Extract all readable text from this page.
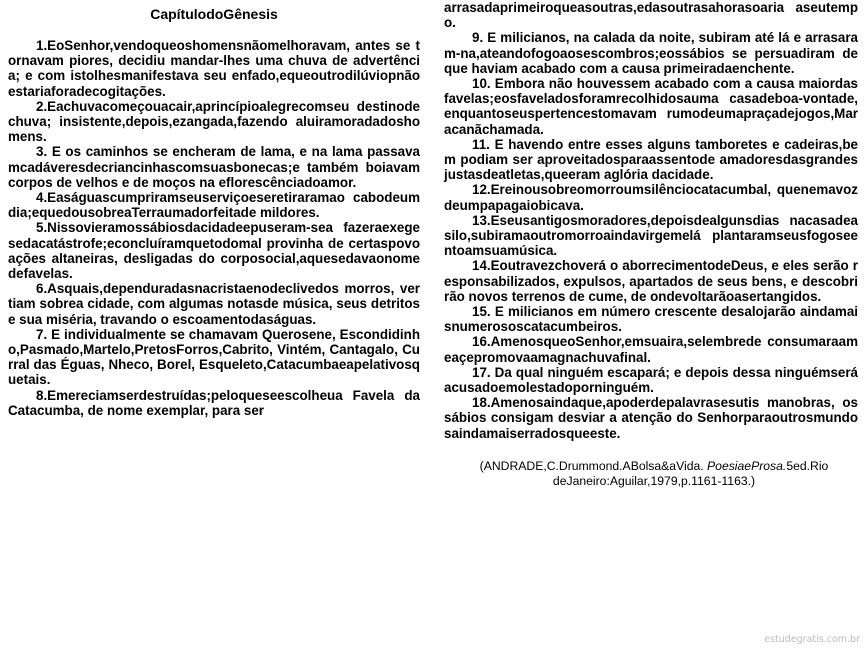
CapítulodoGênesis

1.EoSenhor,vendoqueoshomensnãomelhoravam, antes se tornavam piores, decidiu mandar-lhes uma chuva de advertência; e com istolhesmanifestava seu enfado,equeoutrodilúviopnãoestariaforadecogitações.

2.Eachuvacomeçouacair,aprincípioalegrecomseu destinodechuva; insistente,depois,ezangada,fazendo aluiramoradadoshomens.

3. E os caminhos se encheram de lama, e na lama passavamcadáveresdecriancinhascomsuasbonecas;e também boiavam corpos de velhos e de moços na eflorescênciadoamor.

4.Easáguascumpriramseuserviçoeseretiraramao cabodeumdia;equedousobreaTerraumadorfeitade mildores.

5.Nissovieramossábiosdacidadeepuseram-sea fazeraexegesedacatástrofe;econcluíramquetodomal provinha de certaspovoações altaneiras, desligadas do corposocial,aquesedavaonomedefavelas.

6.Asquais,dependuradasnacristaenodeclivedos morros, vertiam sobrea cidade, com algumas notasde música, seus detritos e sua miséria, travando o escoamentodaságuas.

7. E individualmente se chamavam Querosene, Escondidinho,Pasmado,Martelo,PretosForros,Cabrito, Vintém, Cantagalo, Curral das Éguas, Nheco, Borel, Esqueleto,Catacumbaeapelativosquetais.

8.Emereciamserdestruídas;peloqueseescolheua Favela da Catacumba, de nome exemplar, para ser

arrasadaprimeiroqueasoutras,edasoutrasahorasoaria aseutempo.

9. E milicianos, na calada da noite, subiram até lá e arrasaram-na,ateandofogoaosescombros;eossábios se persuadiram de que haviam acabado com a causa primeiradaenchente.

10. Embora não houvessem acabado com a causa maiordasfavelas;eosfaveladosforamrecolhidosauma casadeboa-vontade,enquantoseuspertencestomavam rumodeumapraçadejogos,Maracanãchamada.

11. E havendo entre esses alguns tamboretes e cadeiras,bem podiam ser aproveitadosparaassentode amadoresdasgrandesjustasdeatletas,queeram aglória dacidade.

12.Ereinousobreomorroumsilênciocatacumbal, quenemavozdeumpapagaiobicava.

13.Eseusantigosmoradores,depoisdealgunsdias nacasadeasilo,subiramaoutromorroaindavirgemelá plantaramseusfogoseentoamsuamúsica.

14.Eoutravezchoverá o aborrecimentodeDeus, e eles serão responsabilizados, expulsos, apartados de seus bens, e descobrirão novos terrenos de cume, de ondevoltarãoasertangidos.

15. E milicianos em número crescente desalojarão aindamaisnumerososcatacumbeiros.

16.AmenosqueoSenhor,emsuaira,selembrede consumaraameaçepromovaamagnachuvafinal.

17. Da qual ninguém escapará; e depois dessa ninguémseráacusadoemolestadoporninguém.

18.Amenosaindaque,apoderdepalavrasesutis manobras, os sábios consigam desviar a atenção do Senhorparaoutrosmundosaindamaiserradosqueeste.

(ANDRADE,C.Drummond.ABolsa&aVida. PoesiaeProsa.5ed.Rio deJaneiro:Aguilar,1979,p.1161-1163.)
estudegratis.com.br
